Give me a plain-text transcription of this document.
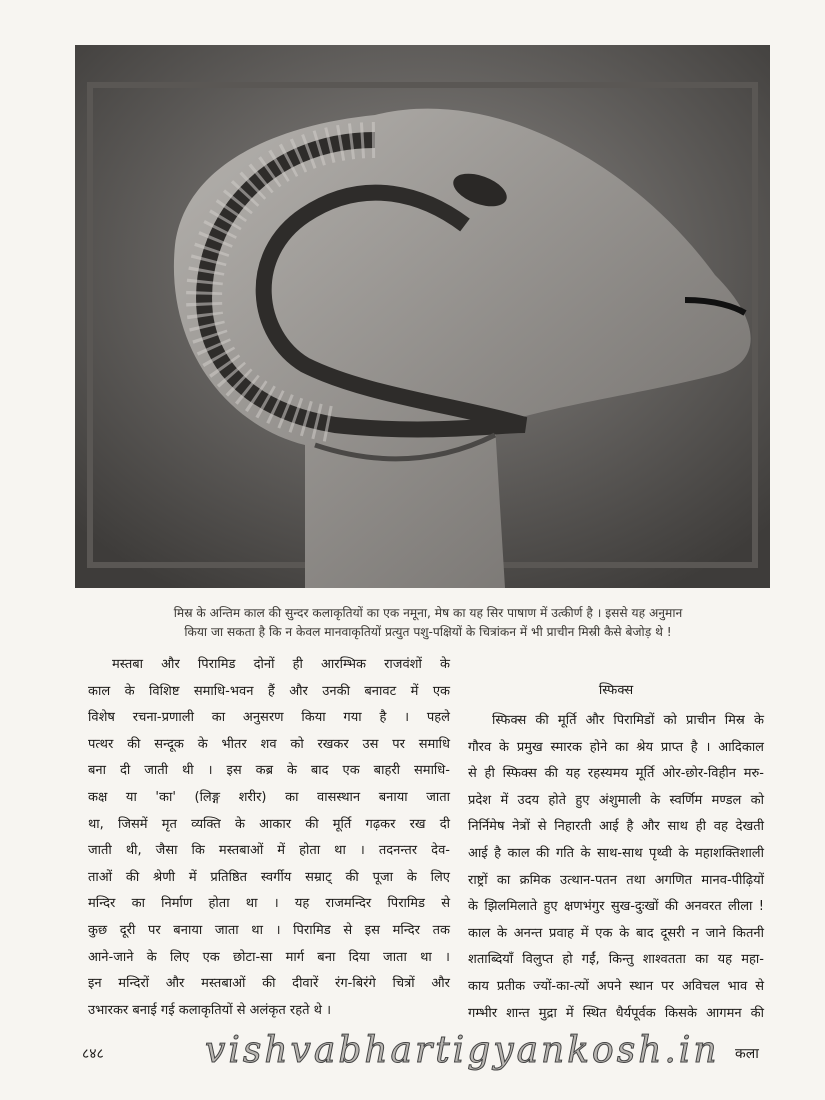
मिस्र के अन्तिम काल की सुन्दर कलाकृतियों का एक नमूना, मेष का यह सिर पाषाण में उत्कीर्ण है । इससे यह अनुमान
किया जा सकता है कि न केवल मानवाकृतियों प्रत्युत पशु-पक्षियों के चित्रांकन में भी प्राचीन मिस्री कैसे बेजोड़ थे !
मस्तबा और पिरामिड दोनों ही आरम्भिक राजवंशों के
काल के विशिष्ट समाधि-भवन हैं और उनकी बनावट में एक
विशेष रचना-प्रणाली का अनुसरण किया गया है । पहले
पत्थर की सन्दूक के भीतर शव को रखकर उस पर समाधि
बना दी जाती थी । इस कब्र के बाद एक बाहरी समाधि-
कक्ष या 'का' (लिङ्ग शरीर) का वासस्थान बनाया जाता
था, जिसमें मृत व्यक्ति के आकार की मूर्ति गढ़कर रख दी
जाती थी, जैसा कि मस्तबाओं में होता था । तदनन्तर देव-
ताओं की श्रेणी में प्रतिष्ठित स्वर्गीय सम्राट् की पूजा के लिए
मन्दिर का निर्माण होता था । यह राजमन्दिर पिरामिड से
कुछ दूरी पर बनाया जाता था । पिरामिड से इस मन्दिर तक
आने-जाने के लिए एक छोटा-सा मार्ग बना दिया जाता था ।
इन मन्दिरों और मस्तबाओं की दीवारें रंग-बिरंगे चित्रों और
उभारकर बनाई गई कलाकृतियों से अलंकृत रहते थे ।
स्फिक्स
स्फिक्स की मूर्ति और पिरामिडों को प्राचीन मिस्र के
गौरव के प्रमुख स्मारक होने का श्रेय प्राप्त है । आदिकाल
से ही स्फिक्स की यह रहस्यमय मूर्ति ओर-छोर-विहीन मरु-
प्रदेश में उदय होते हुए अंशुमाली के स्वर्णिम मण्डल को
निर्निमेष नेत्रों से निहारती आई है और साथ ही वह देखती
आई है काल की गति के साथ-साथ पृथ्वी के महाशक्तिशाली
राष्ट्रों का क्रमिक उत्थान-पतन तथा अगणित मानव-पीढ़ियों
के झिलमिलाते हुए क्षणभंगुर सुख-दुःखों की अनवरत लीला !
काल के अनन्त प्रवाह में एक के बाद दूसरी न जाने कितनी
शताब्दियाँ विलुप्त हो गईं, किन्तु शाश्वतता का यह महा-
काय प्रतीक ज्यों-का-त्यों अपने स्थान पर अविचल भाव से
गम्भीर शान्त मुद्रा में स्थित धैर्यपूर्वक किसके आगमन की
८४८	vishvabhartigyankosh.in कला
